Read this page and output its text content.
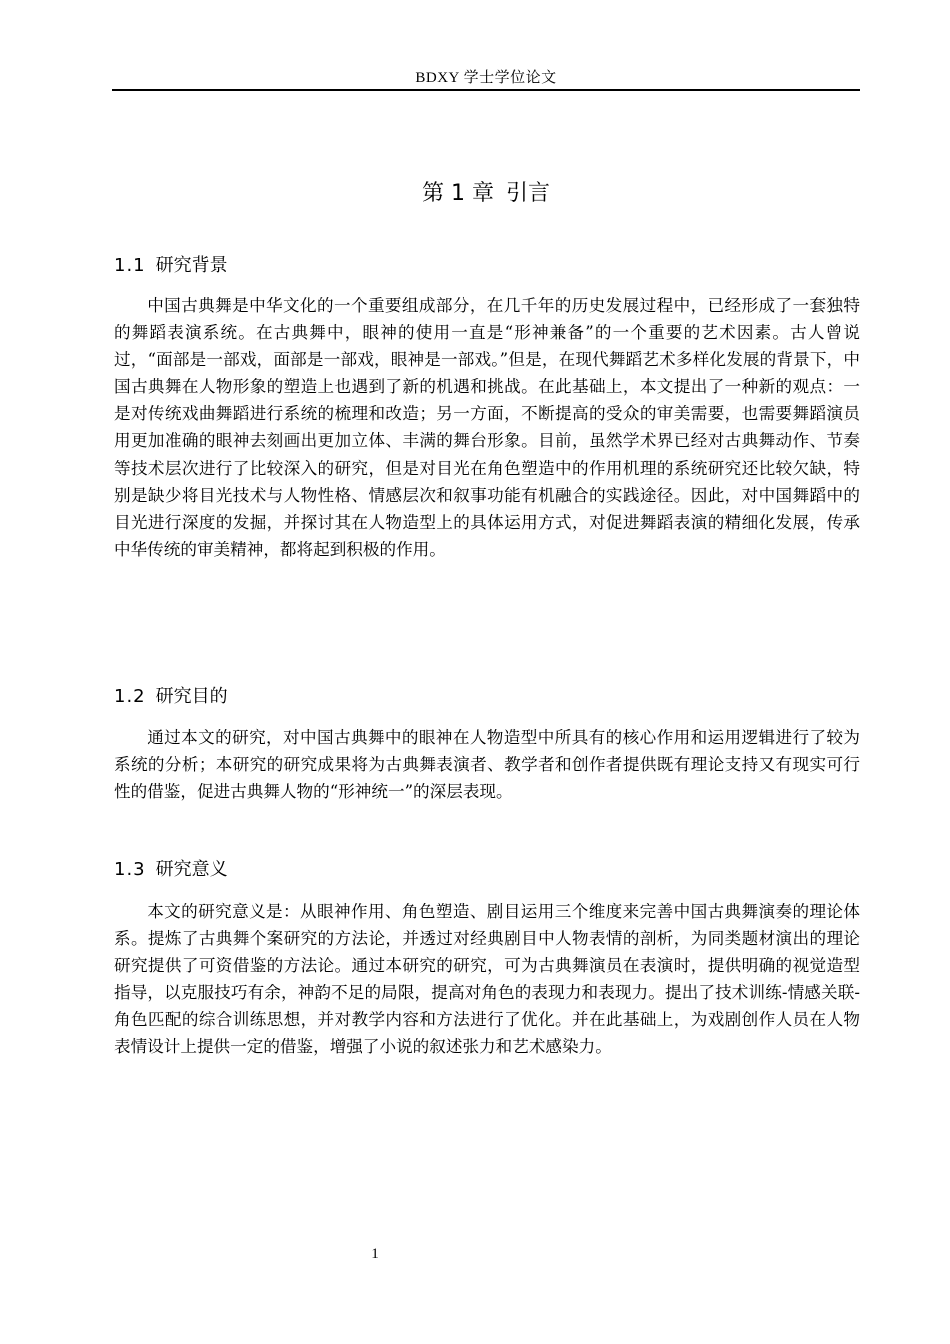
BDXY 学士学位论文
第 1 章 引言
1.1 研究背景

中国古典舞是中华文化的一个重要组成部分，在几千年的历史发展过程中，已经形成了一套独特的舞蹈表演系统。在古典舞中，眼神的使用一直是“形神兼备”的一个重要的艺术因素。古人曾说过，“面部是一部戏，面部是一部戏，眼神是一部戏。”但是，在现代舞蹈艺术多样化发展的背景下，中国古典舞在人物形象的塑造上也遇到了新的机遇和挑战。在此基础上，本文提出了一种新的观点：一是对传统戏曲舞蹈进行系统的梳理和改造；另一方面，不断提高的受众的审美需要，也需要舞蹈演员用更加准确的眼神去刻画出更加立体、丰满的舞台形象。目前，虽然学术界已经对古典舞动作、节奏等技术层次进行了比较深入的研究，但是对目光在角色塑造中的作用机理的系统研究还比较欠缺，特别是缺少将目光技术与人物性格、情感层次和叙事功能有机融合的实践途径。因此，对中国舞蹈中的目光进行深度的发掘，并探讨其在人物造型上的具体运用方式，对促进舞蹈表演的精细化发展，传承中华传统的审美精神，都将起到积极的作用。

1.2 研究目的

通过本文的研究，对中国古典舞中的眼神在人物造型中所具有的核心作用和运用逻辑进行了较为系统的分析；本研究的研究成果将为古典舞表演者、教学者和创作者提供既有理论支持又有现实可行性的借鉴，促进古典舞人物的“形神统一”的深层表现。

1.3 研究意义

本文的研究意义是：从眼神作用、角色塑造、剧目运用三个维度来完善中国古典舞演奏的理论体系。提炼了古典舞个案研究的方法论，并透过对经典剧目中人物表情的剖析，为同类题材演出的理论研究提供了可资借鉴的方法论。通过本研究的研究，可为古典舞演员在表演时，提供明确的视觉造型指导，以克服技巧有余，神韵不足的局限，提高对角色的表现力和表现力。提出了技术训练-情感关联-角色匹配的综合训练思想，并对教学内容和方法进行了优化。并在此基础上，为戏剧创作人员在人物表情设计上提供一定的借鉴，增强了小说的叙述张力和艺术感染力。

1
